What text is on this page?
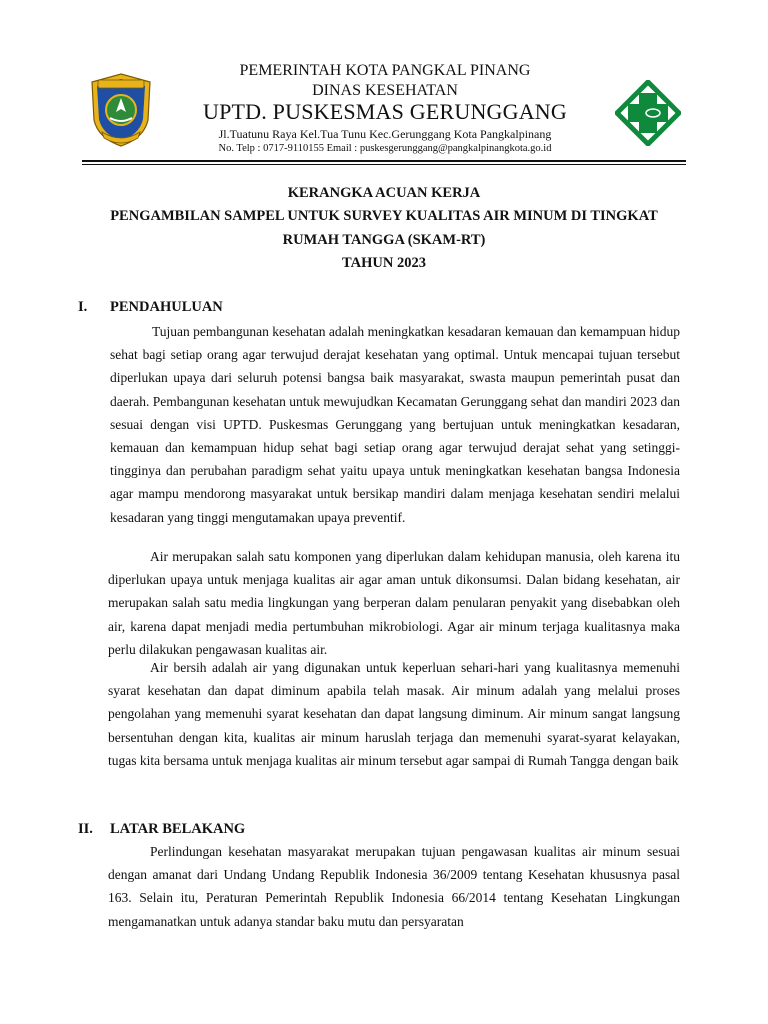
PEMERINTAH KOTA PANGKAL PINANG
DINAS KESEHATAN
UPTD. PUSKESMAS GERUNGGANG
Jl.Tuatunu Raya Kel.Tua Tunu Kec.Gerunggang Kota Pangkalpinang
No. Telp : 0717-9110155 Email : puskesgerunggang@pangkalpinangkota.go.id
KERANGKA ACUAN KERJA
PENGAMBILAN SAMPEL UNTUK SURVEY KUALITAS AIR MINUM DI TINGKAT
RUMAH TANGGA (SKAM-RT)
TAHUN 2023
I. PENDAHULUAN

Tujuan pembangunan kesehatan adalah meningkatkan kesadaran kemauan dan kemampuan hidup sehat bagi setiap orang agar terwujud derajat kesehatan yang optimal. Untuk mencapai tujuan tersebut diperlukan upaya dari seluruh potensi bangsa baik masyarakat, swasta maupun pemerintah pusat dan daerah. Pembangunan kesehatan untuk mewujudkan Kecamatan Gerunggang sehat dan mandiri 2023 dan sesuai dengan visi UPTD. Puskesmas Gerunggang yang bertujuan untuk meningkatkan kesadaran, kemauan dan kemampuan hidup sehat bagi setiap orang agar terwujud derajat sehat yang setinggi-tingginya dan perubahan paradigm sehat yaitu upaya untuk meningkatkan kesehatan bangsa Indonesia agar mampu mendorong masyarakat untuk bersikap mandiri dalam menjaga kesehatan sendiri melalui kesadaran yang tinggi mengutamakan upaya preventif.

Air merupakan salah satu komponen yang diperlukan dalam kehidupan manusia, oleh karena itu diperlukan upaya untuk menjaga kualitas air agar aman untuk dikonsumsi. Dalan bidang kesehatan, air merupakan salah satu media lingkungan yang berperan dalam penularan penyakit yang disebabkan oleh air, karena dapat menjadi media pertumbuhan mikrobiologi. Agar air minum terjaga kualitasnya maka perlu dilakukan pengawasan kualitas air.

Air bersih adalah air yang digunakan untuk keperluan sehari-hari yang kualitasnya memenuhi syarat kesehatan dan dapat diminum apabila telah masak. Air minum adalah yang melalui proses pengolahan yang memenuhi syarat kesehatan dan dapat langsung diminum. Air minum sangat langsung bersentuhan dengan kita, kualitas air minum haruslah terjaga dan memenuhi syarat-syarat kelayakan, tugas kita bersama untuk menjaga kualitas air minum tersebut agar sampai di Rumah Tangga dengan baik

II. LATAR BELAKANG

Perlindungan kesehatan masyarakat merupakan tujuan pengawasan kualitas air minum sesuai dengan amanat dari Undang Undang Republik Indonesia 36/2009 tentang Kesehatan khususnya pasal 163. Selain itu, Peraturan Pemerintah Republik Indonesia 66/2014 tentang Kesehatan Lingkungan mengamanatkan untuk adanya standar baku mutu dan persyaratan
